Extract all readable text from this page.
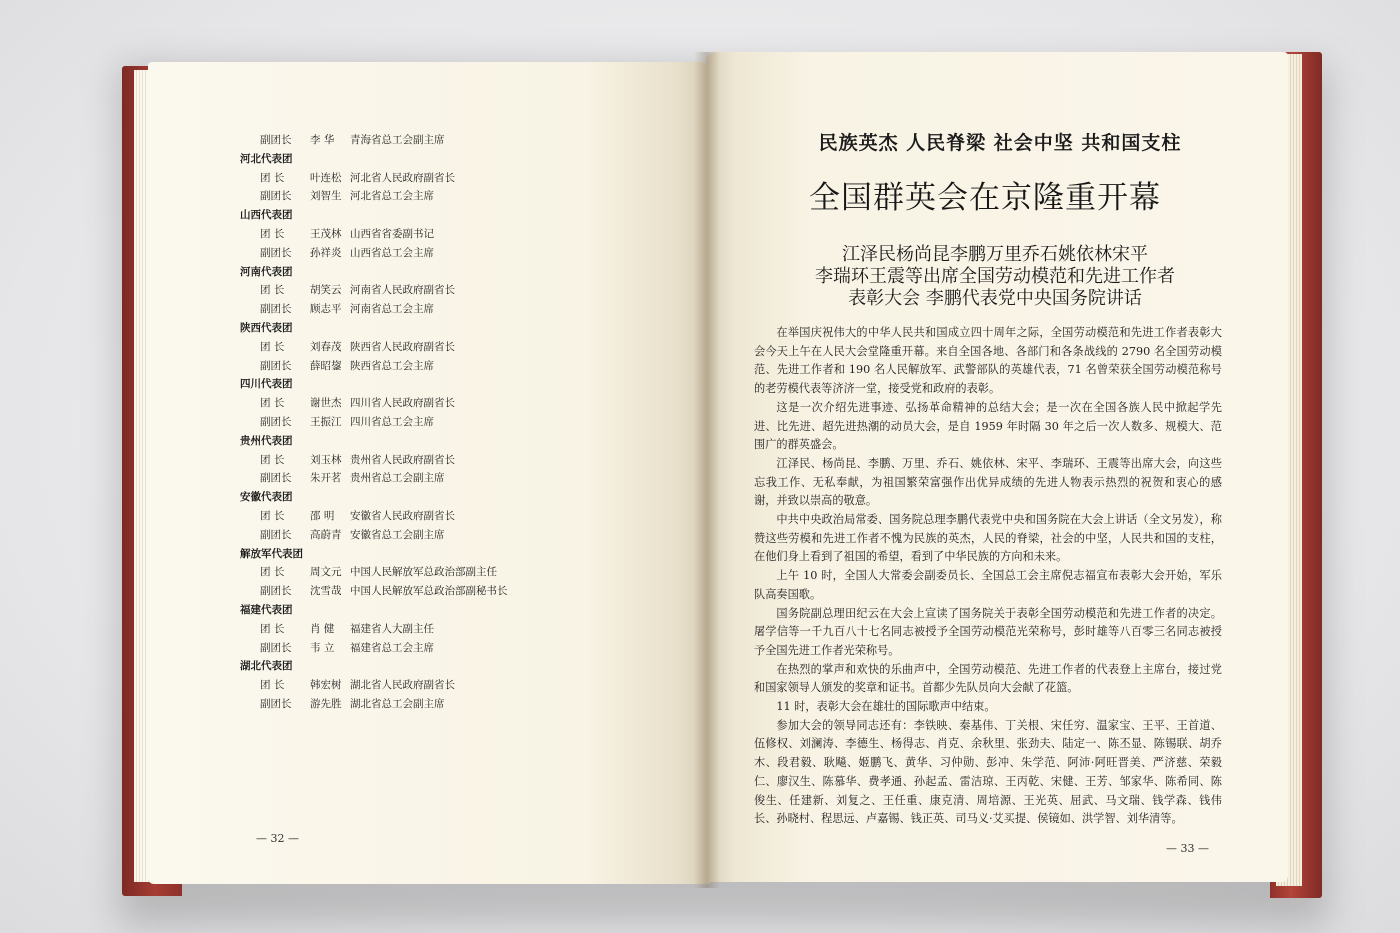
副团长	李 华	青海省总工会副主席
河北代表团
团 长	叶连松 河北省人民政府副省长
副团长	刘智生 河北省总工会主席
山西代表团
团 长	王茂林 山西省省委副书记
副团长	孙祥炎 山西省总工会主席
河南代表团
团 长	胡笑云 河南省人民政府副省长
副团长	顾志平 河南省总工会主席
陕西代表团
团 长	刘春茂 陕西省人民政府副省长
副团长	薛昭鋆 陕西省总工会主席
四川代表团
团 长	谢世杰 四川省人民政府副省长
副团长	王振江 四川省总工会主席
贵州代表团
团 长	刘玉林 贵州省人民政府副省长
副团长	朱开茗 贵州省总工会副主席
安徽代表团
团 长	邵 明	安徽省人民政府副省长
副团长	高蔚青 安徽省总工会副主席
解放军代表团
团 长	周文元 中国人民解放军总政治部副主任
副团长	沈雪哉 中国人民解放军总政治部副秘书长
福建代表团
团 长	肖 健	福建省人大副主任
副团长	韦 立	福建省总工会主席
湖北代表团
团 长	韩宏树 湖北省人民政府副省长
副团长	游先胜 湖北省总工会副主席
— 32 —
民族英杰 人民脊梁 社会中坚 共和国支柱
全国群英会在京隆重开幕
江泽民杨尚昆李鹏万里乔石姚依林宋平
李瑞环王震等出席全国劳动模范和先进工作者
表彰大会 李鹏代表党中央国务院讲话

在举国庆祝伟大的中华人民共和国成立四十周年之际，全国劳动模范和先进工作者表彰大会今天上午在人民大会堂隆重开幕。来自全国各地、各部门和各条战线的 2790 名全国劳动模范、先进工作者和 190 名人民解放军、武警部队的英雄代表，71 名曾荣获全国劳动模范称号的老劳模代表等济济一堂，接受党和政府的表彰。

这是一次介绍先进事迹、弘扬革命精神的总结大会；是一次在全国各族人民中掀起学先进、比先进、超先进热潮的动员大会，是自 1959 年时隔 30 年之后一次人数多、规模大、范围广的群英盛会。

江泽民、杨尚昆、李鹏、万里、乔石、姚依林、宋平、李瑞环、王震等出席大会，向这些忘我工作、无私奉献，为祖国繁荣富强作出优异成绩的先进人物表示热烈的祝贺和衷心的感谢，并致以崇高的敬意。

中共中央政治局常委、国务院总理李鹏代表党中央和国务院在大会上讲话（全文另发），称赞这些劳模和先进工作者不愧为民族的英杰，人民的脊梁，社会的中坚，人民共和国的支柱，在他们身上看到了祖国的希望，看到了中华民族的方向和未来。

上午 10 时，全国人大常委会副委员长、全国总工会主席倪志福宣布表彰大会开始，军乐队高奏国歌。

国务院副总理田纪云在大会上宣读了国务院关于表彰全国劳动模范和先进工作者的决定。屠学信等一千九百八十七名同志被授予全国劳动模范光荣称号，彭时雄等八百零三名同志被授予全国先进工作者光荣称号。

在热烈的掌声和欢快的乐曲声中，全国劳动模范、先进工作者的代表登上主席台，接过党和国家领导人颁发的奖章和证书。首都少先队员向大会献了花篮。

11 时，表彰大会在雄壮的国际歌声中结束。

参加大会的领导同志还有：李铁映、秦基伟、丁关根、宋任穷、温家宝、王平、王首道、伍修权、刘澜涛、李德生、杨得志、肖克、余秋里、张劲夫、陆定一、陈丕显、陈锡联、胡乔木、段君毅、耿飚、姬鹏飞、黄华、习仲勋、彭冲、朱学范、阿沛·阿旺晋美、严济慈、荣毅仁、廖汉生、陈慕华、费孝通、孙起孟、雷洁琼、王丙乾、宋健、王芳、邹家华、陈希同、陈俊生、任建新、刘复之、王任重、康克清、周培源、王光英、屈武、马文瑞、钱学森、钱伟长、孙晓村、程思远、卢嘉锡、钱正英、司马义·艾买提、侯镜如、洪学智、刘华清等。

— 33 —
